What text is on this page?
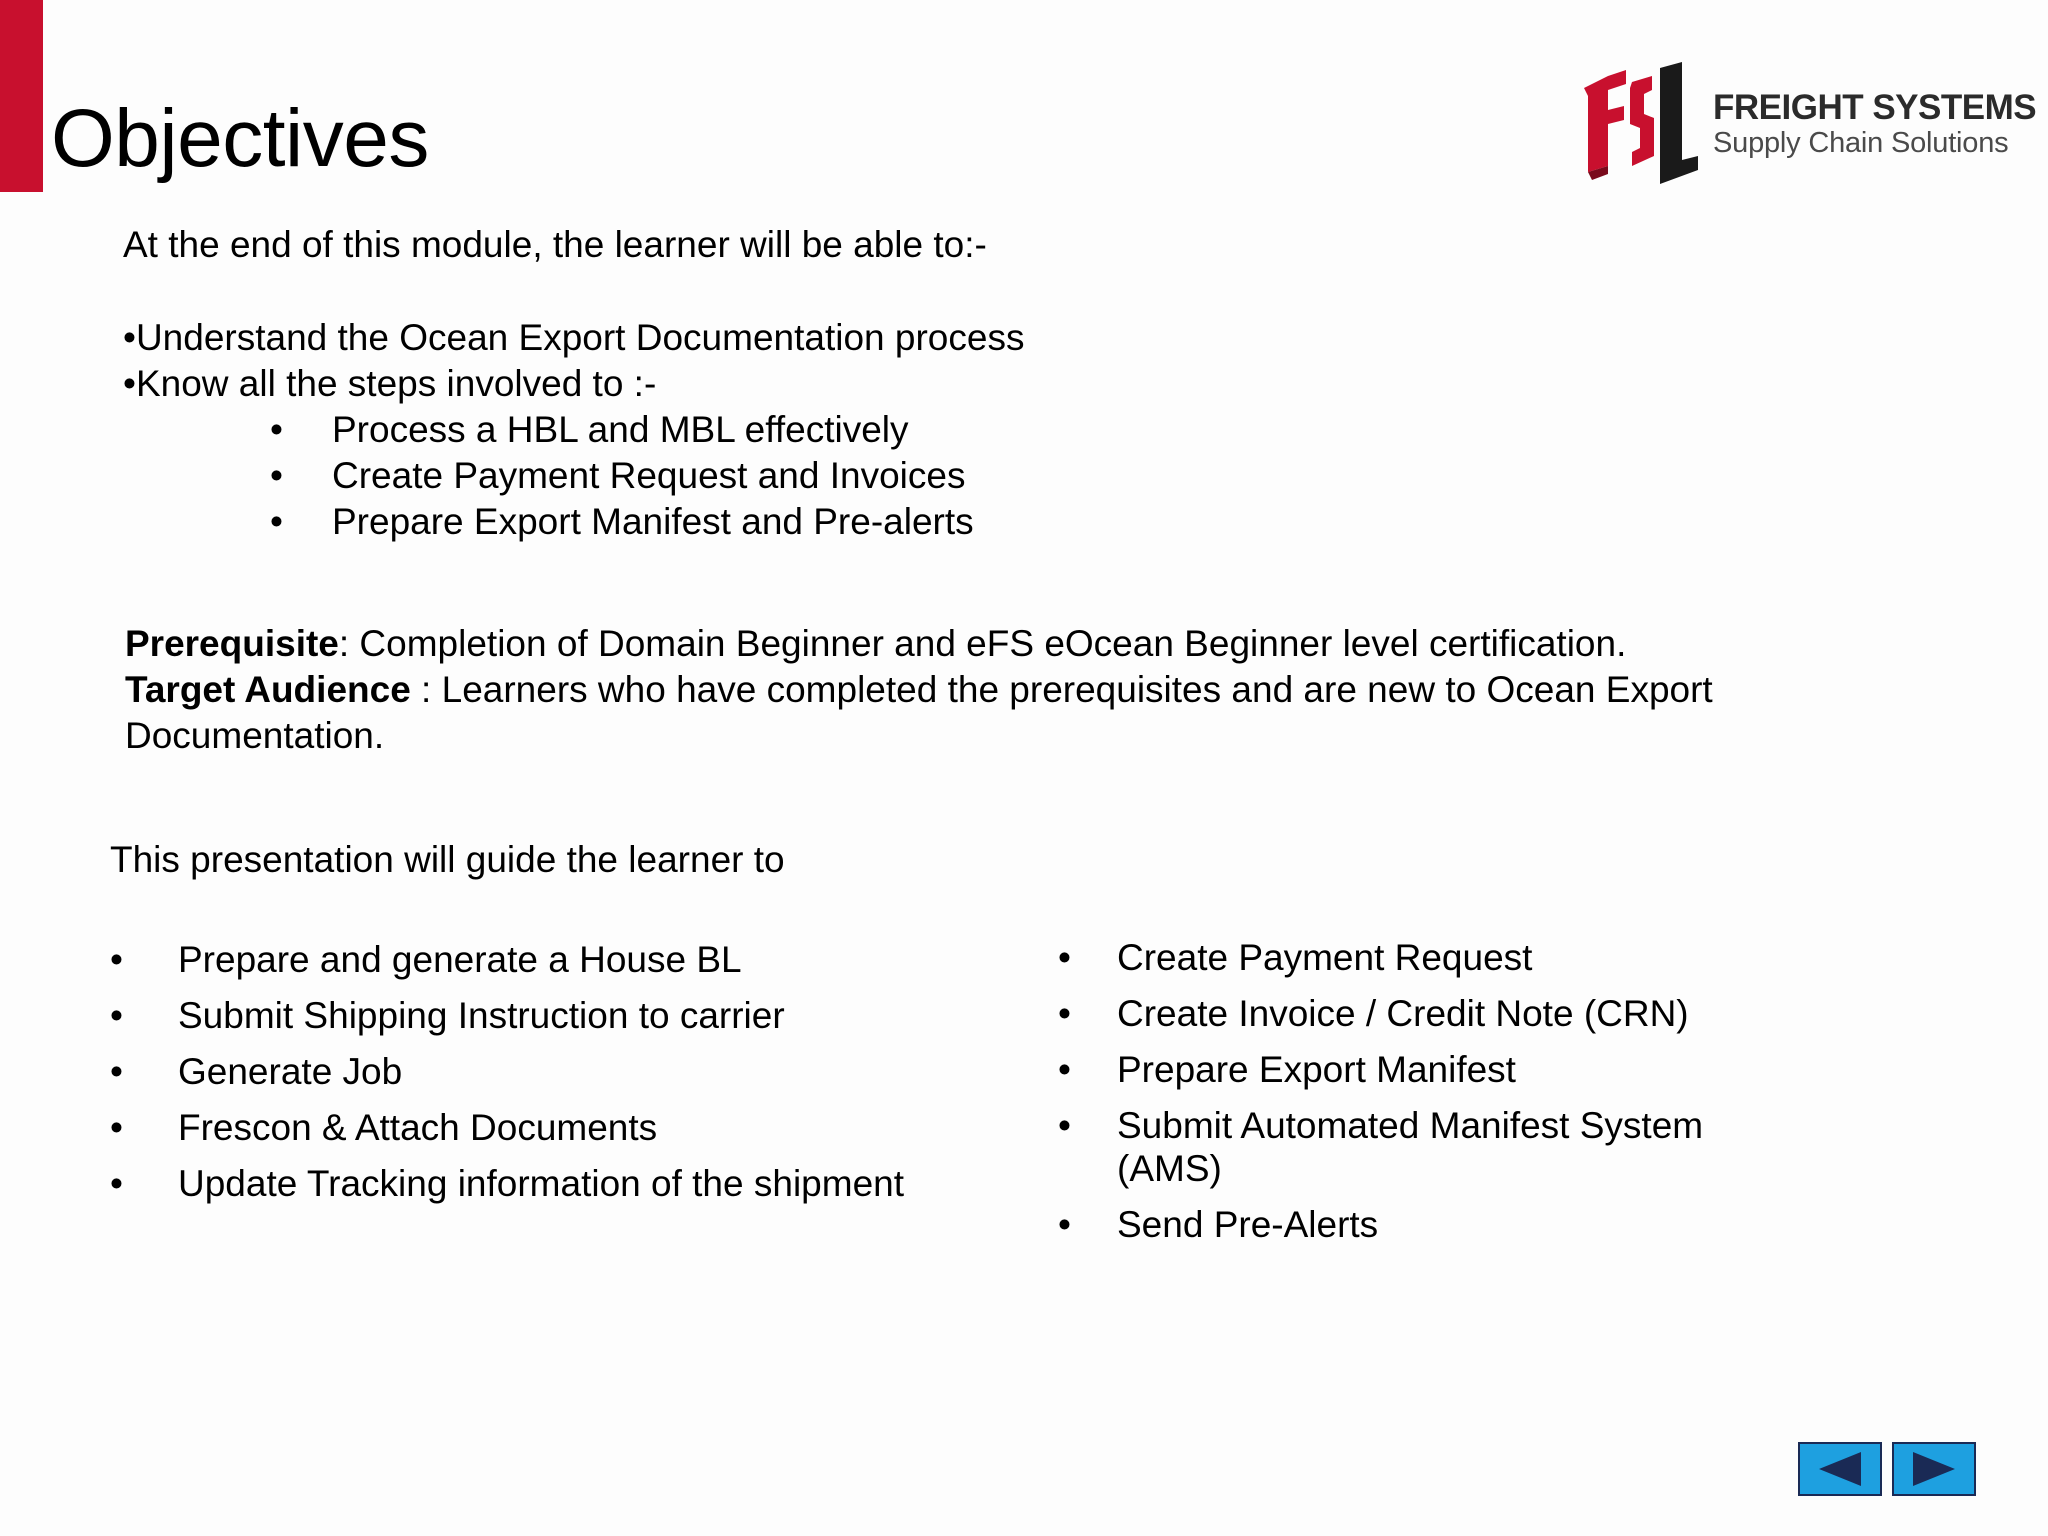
Objectives	FREIGHT SYSTEMS
Supply Chain Solutions
At the end of this module, the learner will be able to:-
•Understand the Ocean Export Documentation process
•Know all the steps involved to :-
• Process a HBL and MBL effectively
• Create Payment Request and Invoices
• Prepare Export Manifest and Pre-alerts

Prerequisite: Completion of Domain Beginner and eFS eOcean Beginner level certification.

Target Audience : Learners who have completed the prerequisites and are new to Ocean Export Documentation.

This presentation will guide the learner to
• Prepare and generate a House BL
• Submit Shipping Instruction to carrier
• Generate Job
• Frescon & Attach Documents
• Update Tracking information of the shipment
• Create Payment Request
• Create Invoice / Credit Note (CRN)
• Prepare Export Manifest
• Submit Automated Manifest System (AMS)
• Send Pre-Alerts
